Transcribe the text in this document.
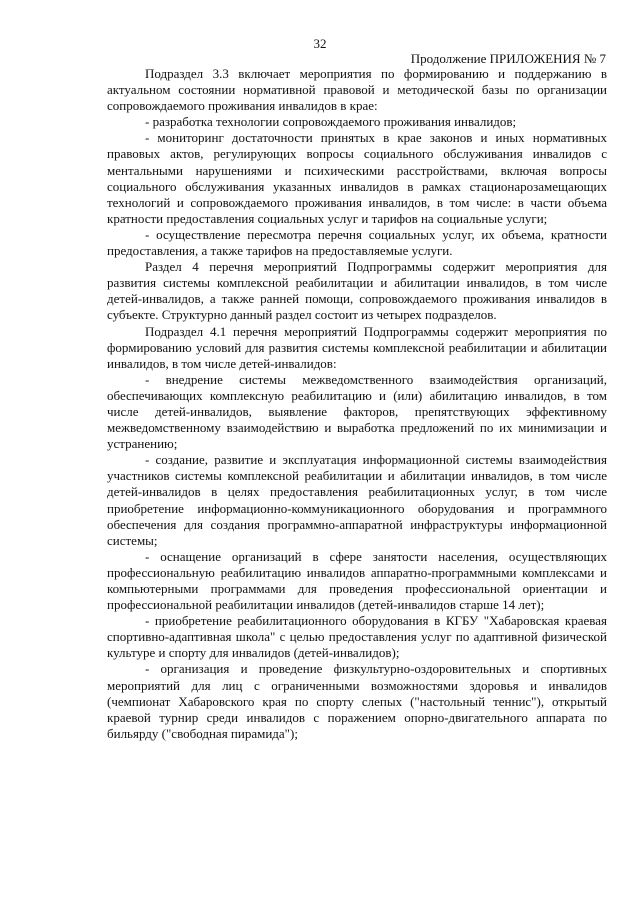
32
Продолжение ПРИЛОЖЕНИЯ № 7

Подраздел 3.3 включает мероприятия по формированию и поддержанию в актуальном состоянии нормативной правовой и методической базы по организации сопровождаемого проживания инвалидов в крае:

- разработка технологии сопровождаемого проживания инвалидов;

- мониторинг достаточности принятых в крае законов и иных нормативных правовых актов, регулирующих вопросы социального обслуживания инвалидов с ментальными нарушениями и психическими расстройствами, включая вопросы социального обслуживания указанных инвалидов в рамках стационарозамещающих технологий и сопровождаемого проживания инвалидов, в том числе: в части объема кратности предоставления социальных услуг и тарифов на социальные услуги;

- осуществление пересмотра перечня социальных услуг, их объема, кратности предоставления, а также тарифов на предоставляемые услуги.

Раздел 4 перечня мероприятий Подпрограммы содержит мероприятия для развития системы комплексной реабилитации и абилитации инвалидов, в том числе детей-инвалидов, а также ранней помощи, сопровождаемого проживания инвалидов в субъекте. Структурно данный раздел состоит из четырех подразделов.

Подраздел 4.1 перечня мероприятий Подпрограммы содержит мероприятия по формированию условий для развития системы комплексной реабилитации и абилитации инвалидов, в том числе детей-инвалидов:

- внедрение системы межведомственного взаимодействия организаций, обеспечивающих комплексную реабилитацию и (или) абилитацию инвалидов, в том числе детей-инвалидов, выявление факторов, препятствующих эффективному межведомственному взаимодействию и выработка предложений по их минимизации и устранению;

- создание, развитие и эксплуатация информационной системы взаимодействия участников системы комплексной реабилитации и абилитации инвалидов, в том числе детей-инвалидов в целях предоставления реабилитационных услуг, в том числе приобретение информационно-коммуникационного оборудования и программного обеспечения для создания программно-аппаратной инфраструктуры информационной системы;

- оснащение организаций в сфере занятости населения, осуществляющих профессиональную реабилитацию инвалидов аппаратно-программными комплексами и компьютерными программами для проведения профессиональной ориентации и профессиональной реабилитации инвалидов (детей-инвалидов старше 14 лет);

- приобретение реабилитационного оборудования в КГБУ "Хабаровская краевая спортивно-адаптивная школа" с целью предоставления услуг по адаптивной физической культуре и спорту для инвалидов (детей-инвалидов);

- организация и проведение физкультурно-оздоровительных и спортивных мероприятий для лиц с ограниченными возможностями здоровья и инвалидов (чемпионат Хабаровского края по спорту слепых ("настольный теннис"), открытый краевой турнир среди инвалидов с поражением опорно-двигательного аппарата по бильярду ("свободная пирамида");
